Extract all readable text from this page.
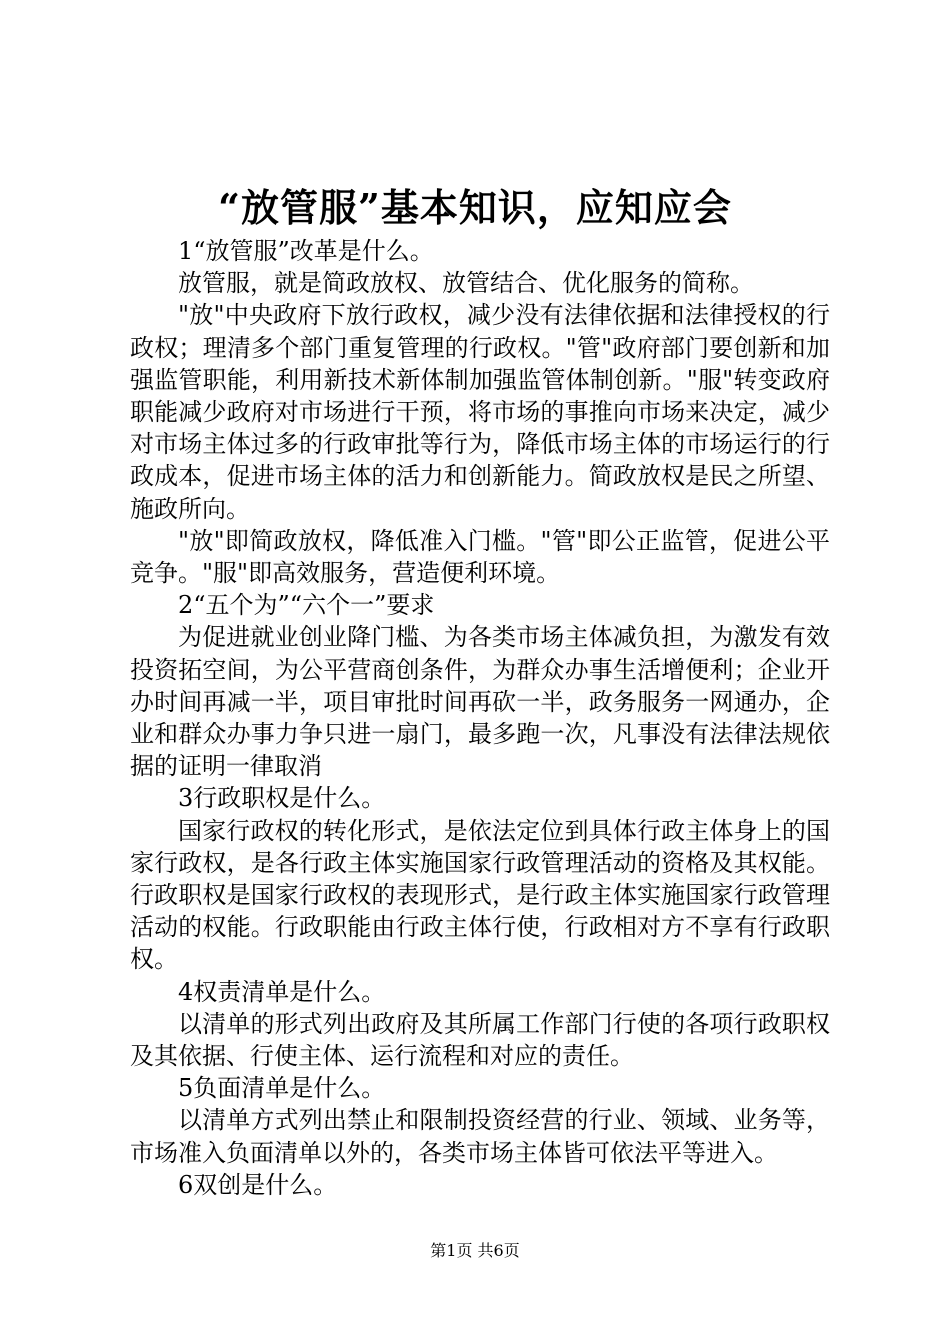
“放管服”基本知识，应知应会

1“放管服”改革是什么。

放管服，就是简政放权、放管结合、优化服务的简称。

"放"中央政府下放行政权，减少没有法律依据和法律授权的行政权；理清多个部门重复管理的行政权。"管"政府部门要创新和加强监管职能，利用新技术新体制加强监管体制创新。"服"转变政府职能减少政府对市场进行干预，将市场的事推向市场来决定，减少对市场主体过多的行政审批等行为，降低市场主体的市场运行的行政成本，促进市场主体的活力和创新能力。简政放权是民之所望、施政所向。

"放"即简政放权，降低准入门槛。"管"即公正监管，促进公平竞争。"服"即高效服务，营造便利环境。

2“五个为”“六个一”要求

为促进就业创业降门槛、为各类市场主体减负担，为激发有效投资拓空间，为公平营商创条件，为群众办事生活增便利；企业开办时间再减一半，项目审批时间再砍一半，政务服务一网通办，企业和群众办事力争只进一扇门，最多跑一次，凡事没有法律法规依据的证明一律取消

3行政职权是什么。

国家行政权的转化形式，是依法定位到具体行政主体身上的国家行政权，是各行政主体实施国家行政管理活动的资格及其权能。行政职权是国家行政权的表现形式，是行政主体实施国家行政管理活动的权能。行政职能由行政主体行使，行政相对方不享有行政职权。

4权责清单是什么。

以清单的形式列出政府及其所属工作部门行使的各项行政职权及其依据、行使主体、运行流程和对应的责任。

5负面清单是什么。

以清单方式列出禁止和限制投资经营的行业、领域、业务等，市场准入负面清单以外的，各类市场主体皆可依法平等进入。

6双创是什么。

第1页 共6页
